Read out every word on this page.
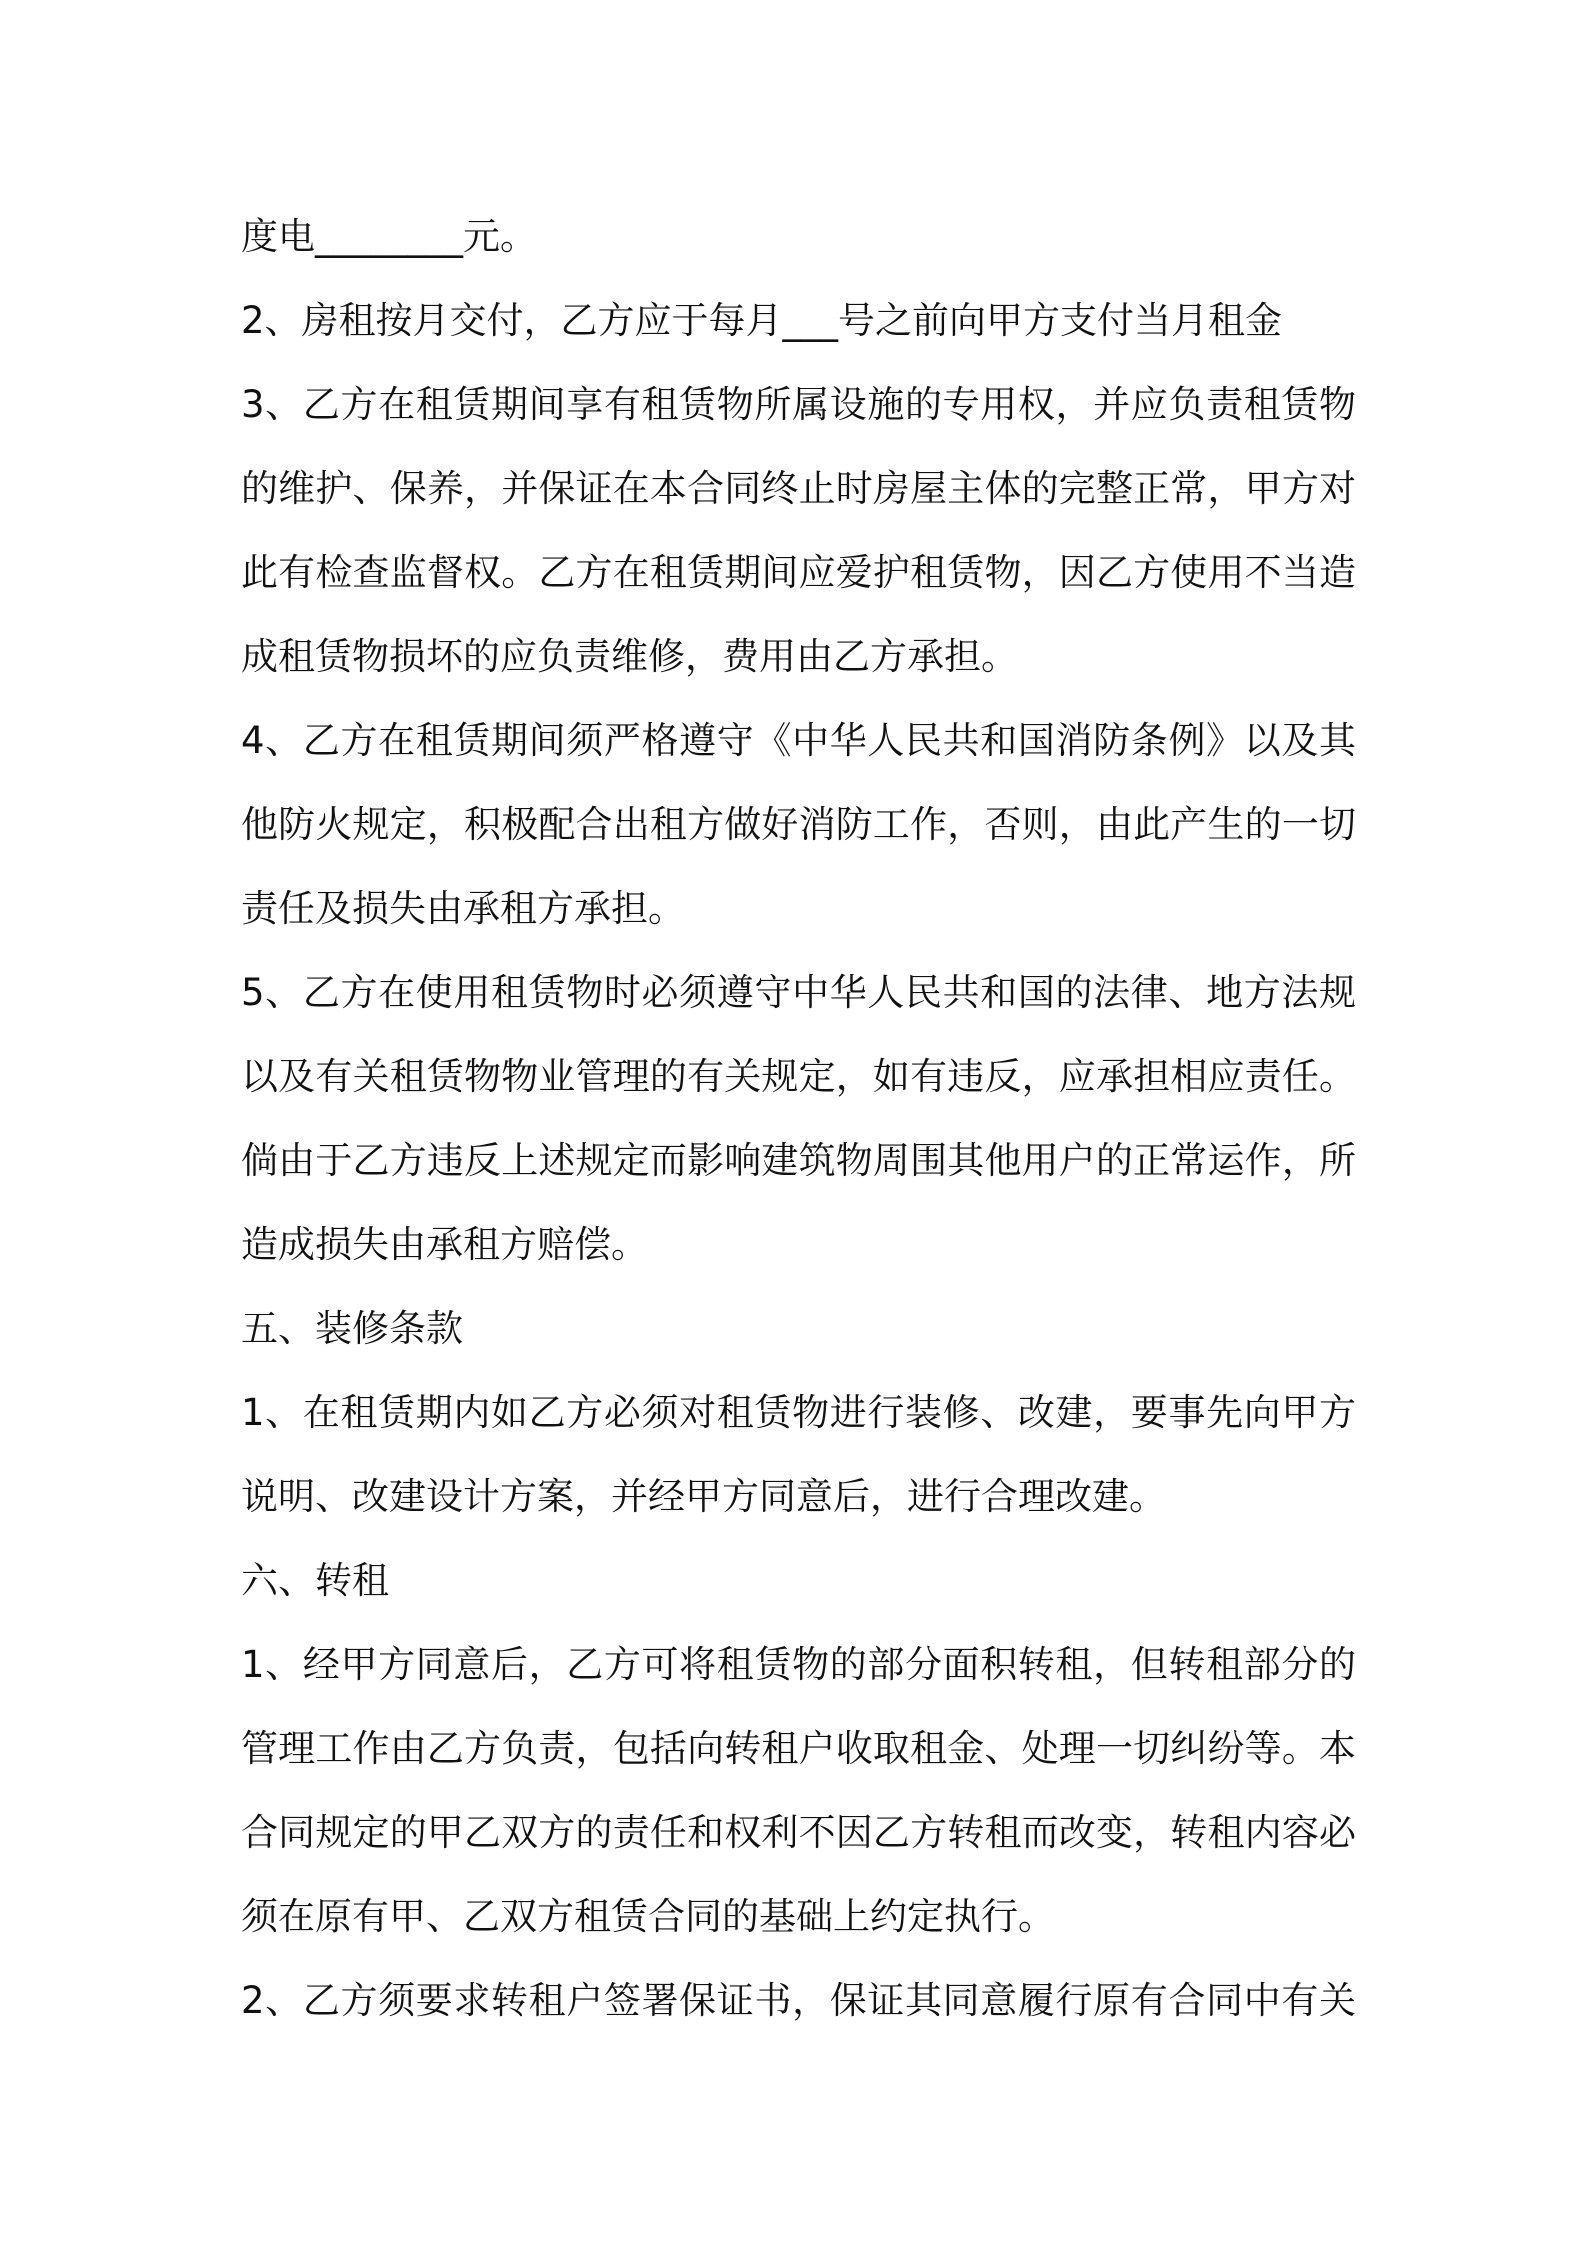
度电________元。
2、房租按月交付，乙方应于每月___号之前向甲方支付当月租金
3、乙方在租赁期间享有租赁物所属设施的专用权，并应负责租赁物
的维护、保养，并保证在本合同终止时房屋主体的完整正常，甲方对
此有检查监督权。乙方在租赁期间应爱护租赁物，因乙方使用不当造
成租赁物损坏的应负责维修，费用由乙方承担。
4、乙方在租赁期间须严格遵守《中华人民共和国消防条例》以及其
他防火规定，积极配合出租方做好消防工作，否则，由此产生的一切
责任及损失由承租方承担。
5、乙方在使用租赁物时必须遵守中华人民共和国的法律、地方法规
以及有关租赁物物业管理的有关规定，如有违反，应承担相应责任。
倘由于乙方违反上述规定而影响建筑物周围其他用户的正常运作，所
造成损失由承租方赔偿。
五、装修条款
1、在租赁期内如乙方必须对租赁物进行装修、改建，要事先向甲方
说明、改建设计方案，并经甲方同意后，进行合理改建。
六、转租
1、经甲方同意后，乙方可将租赁物的部分面积转租，但转租部分的
管理工作由乙方负责，包括向转租户收取租金、处理一切纠纷等。本
合同规定的甲乙双方的责任和权利不因乙方转租而改变，转租内容必
须在原有甲、乙双方租赁合同的基础上约定执行。
2、乙方须要求转租户签署保证书，保证其同意履行原有合同中有关
